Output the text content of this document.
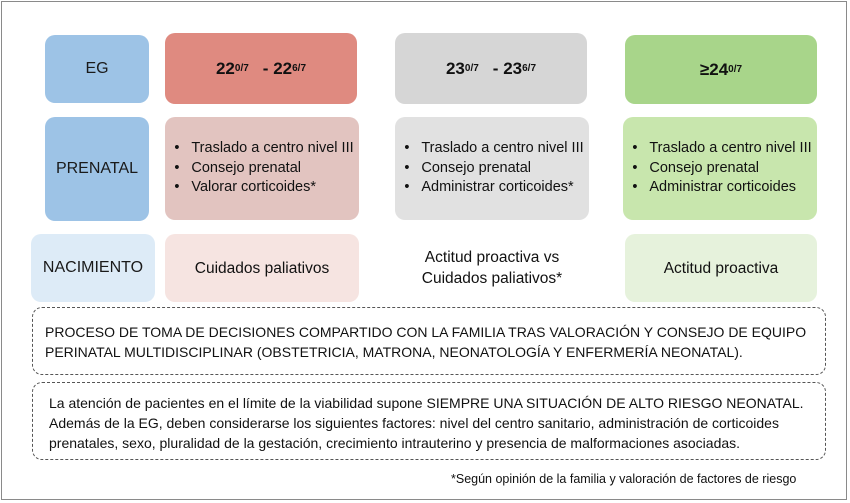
EG
PRENATAL
NACIMIENTO
$22^{0/7} - 22^{6/7}$
• Traslado a centro nivel III
• Consejo prenatal
• Valorar corticoides*
Cuidados paliativos
$23^{0/7} - 23^{6/7}$
• Traslado a centro nivel III
• Consejo prenatal
• Administrar corticoides*
Actitud proactiva vs
Cuidados paliativos*
$\ge 24^{0/7}$
• Traslado a centro nivel III
• Consejo prenatal
• Administrar corticoides
Actitud proactiva

PROCESO DE TOMA DE DECISIONES COMPARTIDO CON LA FAMILIA TRAS VALORACIÓN Y CONSEJO DE EQUIPO

PERINATAL MULTIDISCIPLINAR (OBSTETRICIA, MATRONA, NEONATOLOGÍA Y ENFERMERÍA NEONATAL).

La atención de pacientes en el límite de la viabilidad supone SIEMPRE UNA SITUACIÓN DE ALTO RIESGO NEONATAL.

Además de la EG, deben considerarse los siguientes factores: nivel del centro sanitario, administración de corticoides

prenatales, sexo, pluralidad de la gestación, crecimiento intrauterino y presencia de malformaciones asociadas.

*Según opinión de la familia y valoración de factores de riesgo
